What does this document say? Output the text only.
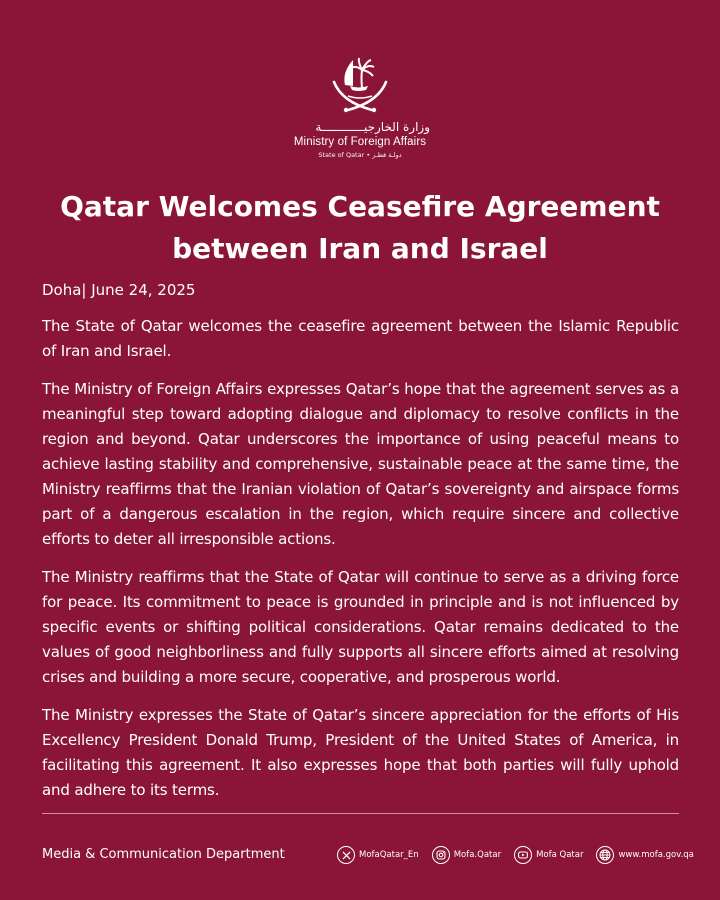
وزارة الخارجيــــــــــــة
Ministry of Foreign Affairs
State of Qatar • دولـة قطـر
Qatar Welcomes Ceasefire Agreement
between Iran and Israel
Doha| June 24, 2025

The State of Qatar welcomes the ceasefire agreement between the Islamic Republic of Iran and Israel.

The Ministry of Foreign Affairs expresses Qatar’s hope that the agreement serves as a meaningful step toward adopting dialogue and diplomacy to resolve conflicts in the region and beyond. Qatar underscores the importance of using peaceful means to achieve lasting stability and comprehensive, sustainable peace at the same time, the Ministry reaffirms that the Iranian violation of Qatar’s sovereignty and airspace forms part of a dangerous escalation in the region, which require sincere and collective efforts to deter all irresponsible actions.

The Ministry reaffirms that the State of Qatar will continue to serve as a driving force for peace. Its commitment to peace is grounded in principle and is not influenced by specific events or shifting political considerations. Qatar remains dedicated to the values of good neighborliness and fully supports all sincere efforts aimed at resolving crises and building a more secure, cooperative, and prosperous world.

The Ministry expresses the State of Qatar’s sincere appreciation for the efforts of His Excellency President Donald Trump, President of the United States of America, in facilitating this agreement. It also expresses hope that both parties will fully uphold and adhere to its terms.

Media & Communication Department	MofaQatar_En	Mofa.Qatar	Mofa Qatar	www.mofa.gov.qa
